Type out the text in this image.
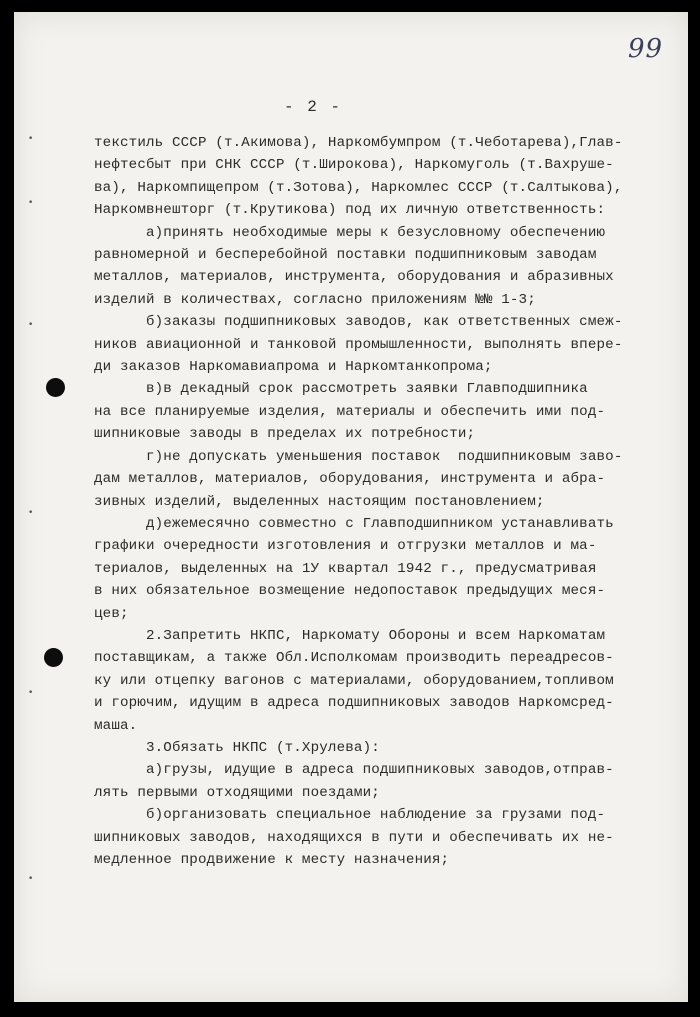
99
- 2 -
текстиль СССР (т.Акимова), Наркомбумпром (т.Чеботарева),Глав-
нефтесбыт при СНК СССР (т.Широкова), Наркомуголь (т.Вахруше-
ва), Наркомпищепром (т.Зотова), Наркомлес СССР (т.Салтыкова),
Наркомвнешторг (т.Крутикова) под их личную ответственность:
а)принять необходимые меры к безусловному обеспечению
равномерной и бесперебойной поставки подшипниковым заводам
металлов, материалов, инструмента, оборудования и абразивных
изделий в количествах, согласно приложениям №№ 1-3;
б)заказы подшипниковых заводов, как ответственных смеж-
ников авиационной и танковой промышленности, выполнять впере-
ди заказов Наркомавиапрома и Наркомтанкопрома;
в)в декадный срок рассмотреть заявки Главподшипника
на все планируемые изделия, материалы и обеспечить ими под-
шипниковые заводы в пределах их потребности;
г)не допускать уменьшения поставок  подшипниковым заво-
дам металлов, материалов, оборудования, инструмента и абра-
зивных изделий, выделенных настоящим постановлением;
д)ежемесячно совместно с Главподшипником устанавливать
графики очередности изготовления и отгрузки металлов и ма-
териалов, выделенных на 1У квартал 1942 г., предусматривая
в них обязательное возмещение недопоставок предыдущих меся-
цев;
2.Запретить НКПС, Наркомату Обороны и всем Наркоматам
поставщикам, а также Обл.Исполкомам производить переадресов-
ку или отцепку вагонов с материалами, оборудованием,топливом
и горючим, идущим в адреса подшипниковых заводов Наркомсред-
маша.
3.Обязать НКПС (т.Хрулева):
а)грузы, идущие в адреса подшипниковых заводов,отправ-
лять первыми отходящими поездами;
б)организовать специальное наблюдение за грузами под-
шипниковых заводов, находящихся в пути и обеспечивать их не-
медленное продвижение к месту назначения;
•
•
•
•
•
•
